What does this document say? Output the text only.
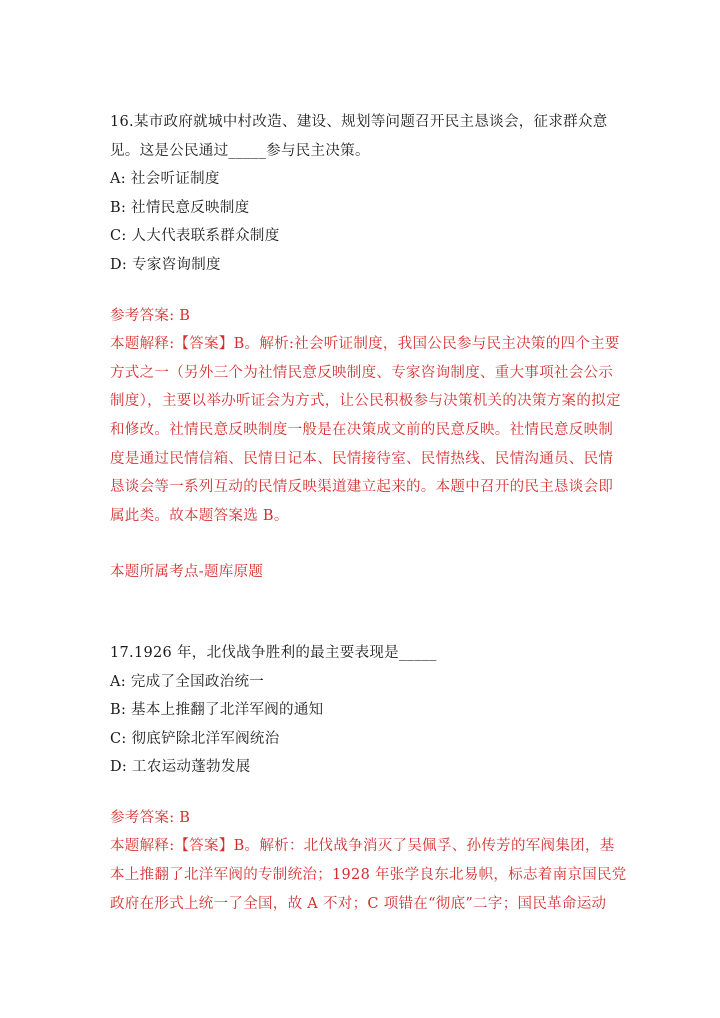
16.某市政府就城中村改造、建设、规划等问题召开民主恳谈会，征求群众意
见。这是公民通过_____参与民主决策。
A: 社会听证制度
B: 社情民意反映制度
C: 人大代表联系群众制度
D: 专家咨询制度
参考答案: B
本题解释:【答案】B。解析:社会听证制度，我国公民参与民主决策的四个主要
方式之一（另外三个为社情民意反映制度、专家咨询制度、重大事项社会公示
制度），主要以举办听证会为方式，让公民积极参与决策机关的决策方案的拟定
和修改。社情民意反映制度一般是在决策成文前的民意反映。社情民意反映制
度是通过民情信箱、民情日记本、民情接待室、民情热线、民情沟通员、民情
恳谈会等一系列互动的民情反映渠道建立起来的。本题中召开的民主恳谈会即
属此类。故本题答案选 B。
本题所属考点-题库原题
17.1926 年，北伐战争胜利的最主要表现是_____
A: 完成了全国政治统一
B: 基本上推翻了北洋军阀的通知
C: 彻底铲除北洋军阀统治
D: 工农运动蓬勃发展
参考答案: B
本题解释:【答案】B。解析：北伐战争消灭了吴佩孚、孙传芳的军阀集团，基
本上推翻了北洋军阀的专制统治；1928 年张学良东北易帜，标志着南京国民党
政府在形式上统一了全国，故 A 不对；C 项错在“彻底”二字；国民革命运动
